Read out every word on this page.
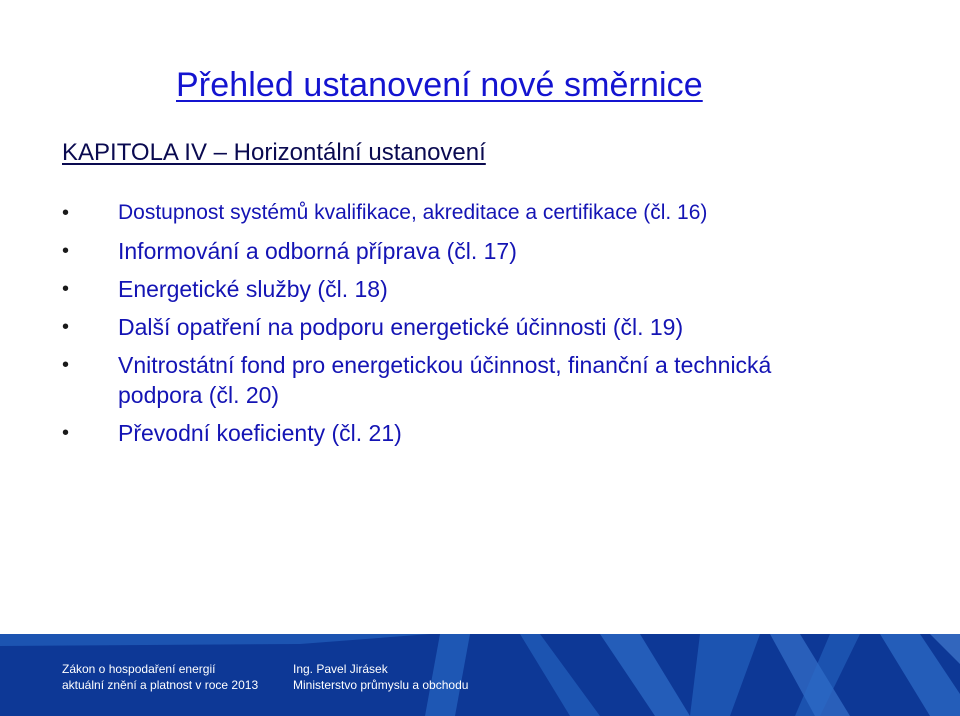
Přehled ustanovení nové směrnice
KAPITOLA IV – Horizontální ustanovení
• Dostupnost systémů kvalifikace, akreditace a certifikace (čl. 16)
• Informování a odborná příprava (čl. 17)
• Energetické služby (čl. 18)
• Další opatření na podporu energetické účinnosti (čl. 19)
• Vnitrostátní fond pro energetickou účinnost, finanční a technická podpora (čl. 20)
• Převodní koeficienty (čl. 21)
Zákon o hospodaření energií
aktuální znění a platnost v roce 2013
Ing. Pavel Jirásek
Ministerstvo průmyslu a obchodu
